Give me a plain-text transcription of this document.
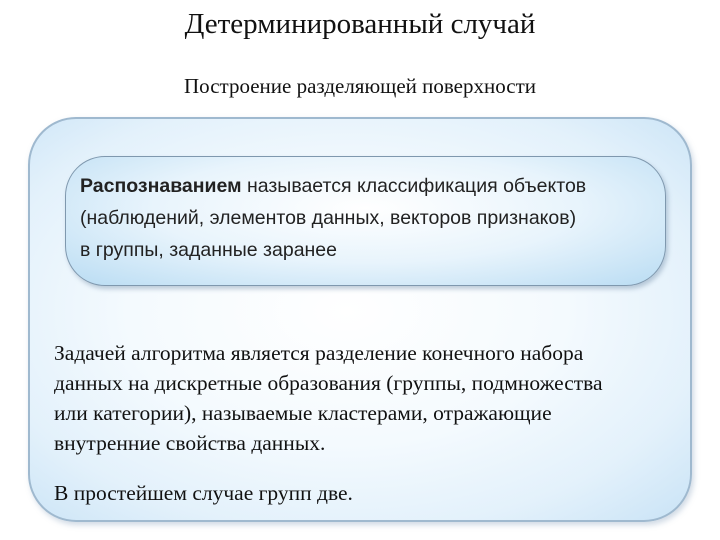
Детерминированный случай
Построение разделяющей поверхности
Распознаванием называется классификация объектов
(наблюдений, элементов данных, векторов признаков)
в группы, заданные заранее
Задачей алгоритма является разделение конечного набора
данных на дискретные образования (группы, подмножества
или категории), называемые кластерами, отражающие
внутренние свойства данных.
В простейшем случае групп две.
